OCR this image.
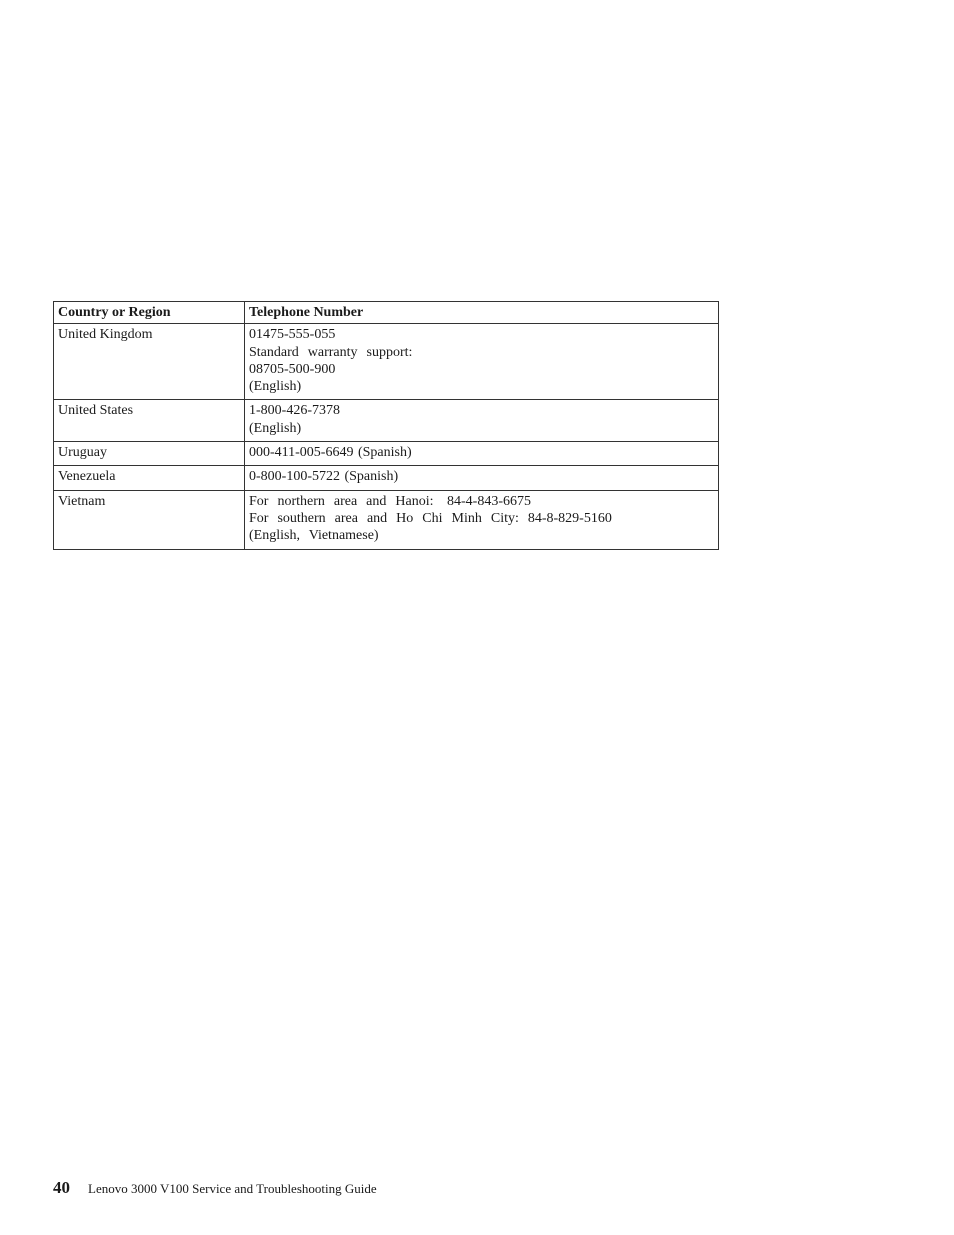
Country or Region	Telephone Number
United Kingdom	01475-555-055
Standard  warranty  support:
08705-500-900
(English)

United States	1-800-426-7378
(English)

Uruguay	000-411-005-6649 (Spanish)

Venezuela	0-800-100-5722 (Spanish)

Vietnam	For  northern  area  and  Hanoi:   84-4-843-6675
For  southern  area  and  Ho  Chi  Minh  City:  84-8-829-5160
(English,  Vietnamese)
40 Lenovo 3000 V100 Service and Troubleshooting Guide
